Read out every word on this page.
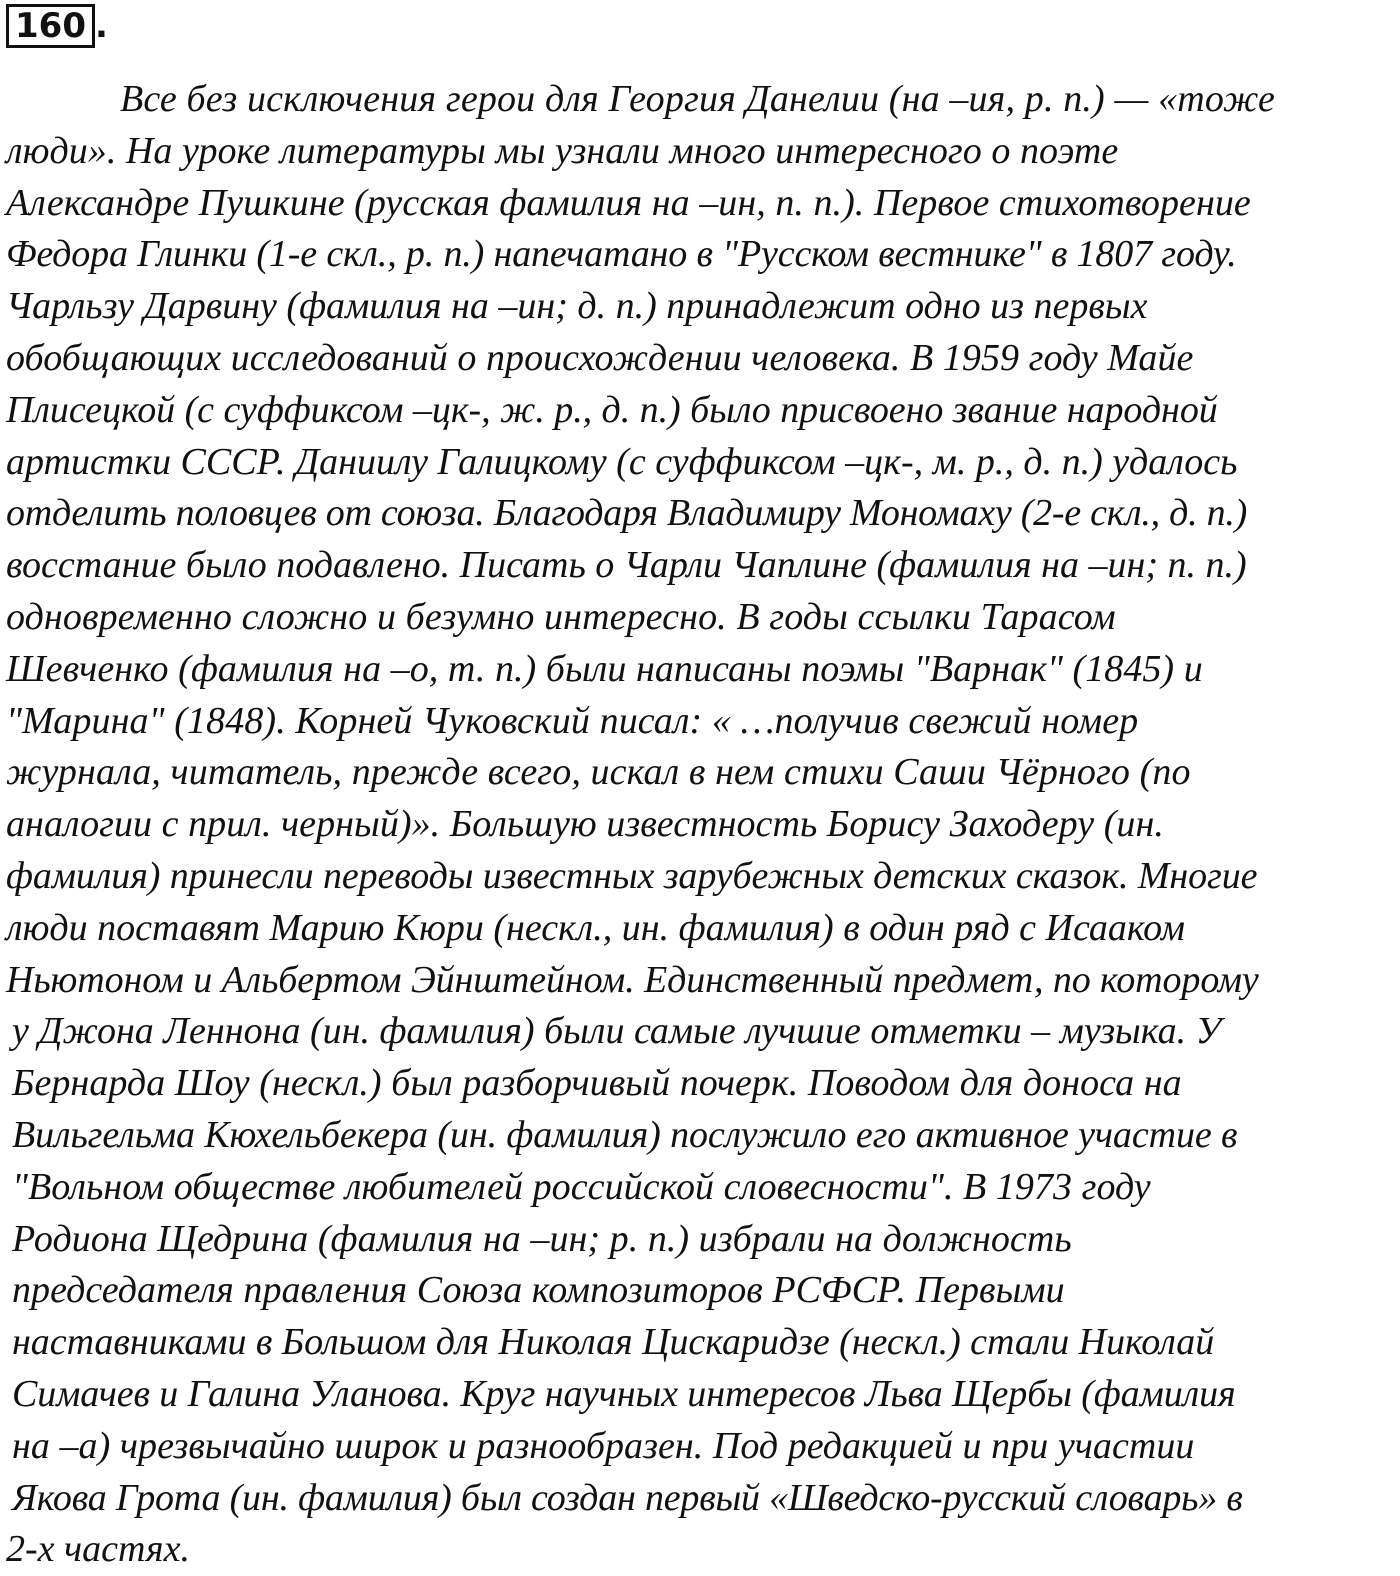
160 .
Все без исключения герои для Георгия Данелии (на –ия, р. п.) — «тоже
люди». На уроке литературы мы узнали много интересного о поэте
Александре Пушкине (русская фамилия на –ин, п. п.). Первое стихотворение
Федора Глинки (1-е скл., р. п.) напечатано в "Русском вестнике" в 1807 году.
Чарльзу Дарвину (фамилия на –ин; д. п.) принадлежит одно из первых
обобщающих исследований о происхождении человека. В 1959 году Майе
Плисецкой (с суффиксом –цк-, ж. р., д. п.) было присвоено звание народной
артистки СССР. Даниилу Галицкому (с суффиксом –цк-, м. р., д. п.) удалось
отделить половцев от союза. Благодаря Владимиру Мономаху (2-е скл., д. п.)
восстание было подавлено. Писать о Чарли Чаплине (фамилия на –ин; п. п.)
одновременно сложно и безумно интересно. В годы ссылки Тарасом
Шевченко (фамилия на –о, т. п.) были написаны поэмы "Варнак" (1845) и
"Марина" (1848). Корней Чуковский писал: « …получив свежий номер
журнала, читатель, прежде всего, искал в нем стихи Саши Чёрного (по
аналогии с прил. черный)». Большую известность Борису Заходеру (ин.
фамилия) принесли переводы известных зарубежных детских сказок. Многие
люди поставят Марию Кюри (нескл., ин. фамилия) в один ряд с Исааком
Ньютоном и Альбертом Эйнштейном. Единственный предмет, по которому
у Джона Леннона (ин. фамилия) были самые лучшие отметки – музыка. У
Бернарда Шоу (нескл.) был разборчивый почерк. Поводом для доноса на
Вильгельма Кюхельбекера (ин. фамилия) послужило его активное участие в
"Вольном обществе любителей российской словесности". В 1973 году
Родиона Щедрина (фамилия на –ин; р. п.) избрали на должность
председателя правления Союза композиторов РСФСР. Первыми
наставниками в Большом для Николая Цискаридзе (нескл.) стали Николай
Симачев и Галина Уланова. Круг научных интересов Льва Щербы (фамилия
на –а) чрезвычайно широк и разнообразен. Под редакцией и при участии
Якова Грота (ин. фамилия) был создан первый «Шведско-русский словарь» в
2-х частях.
